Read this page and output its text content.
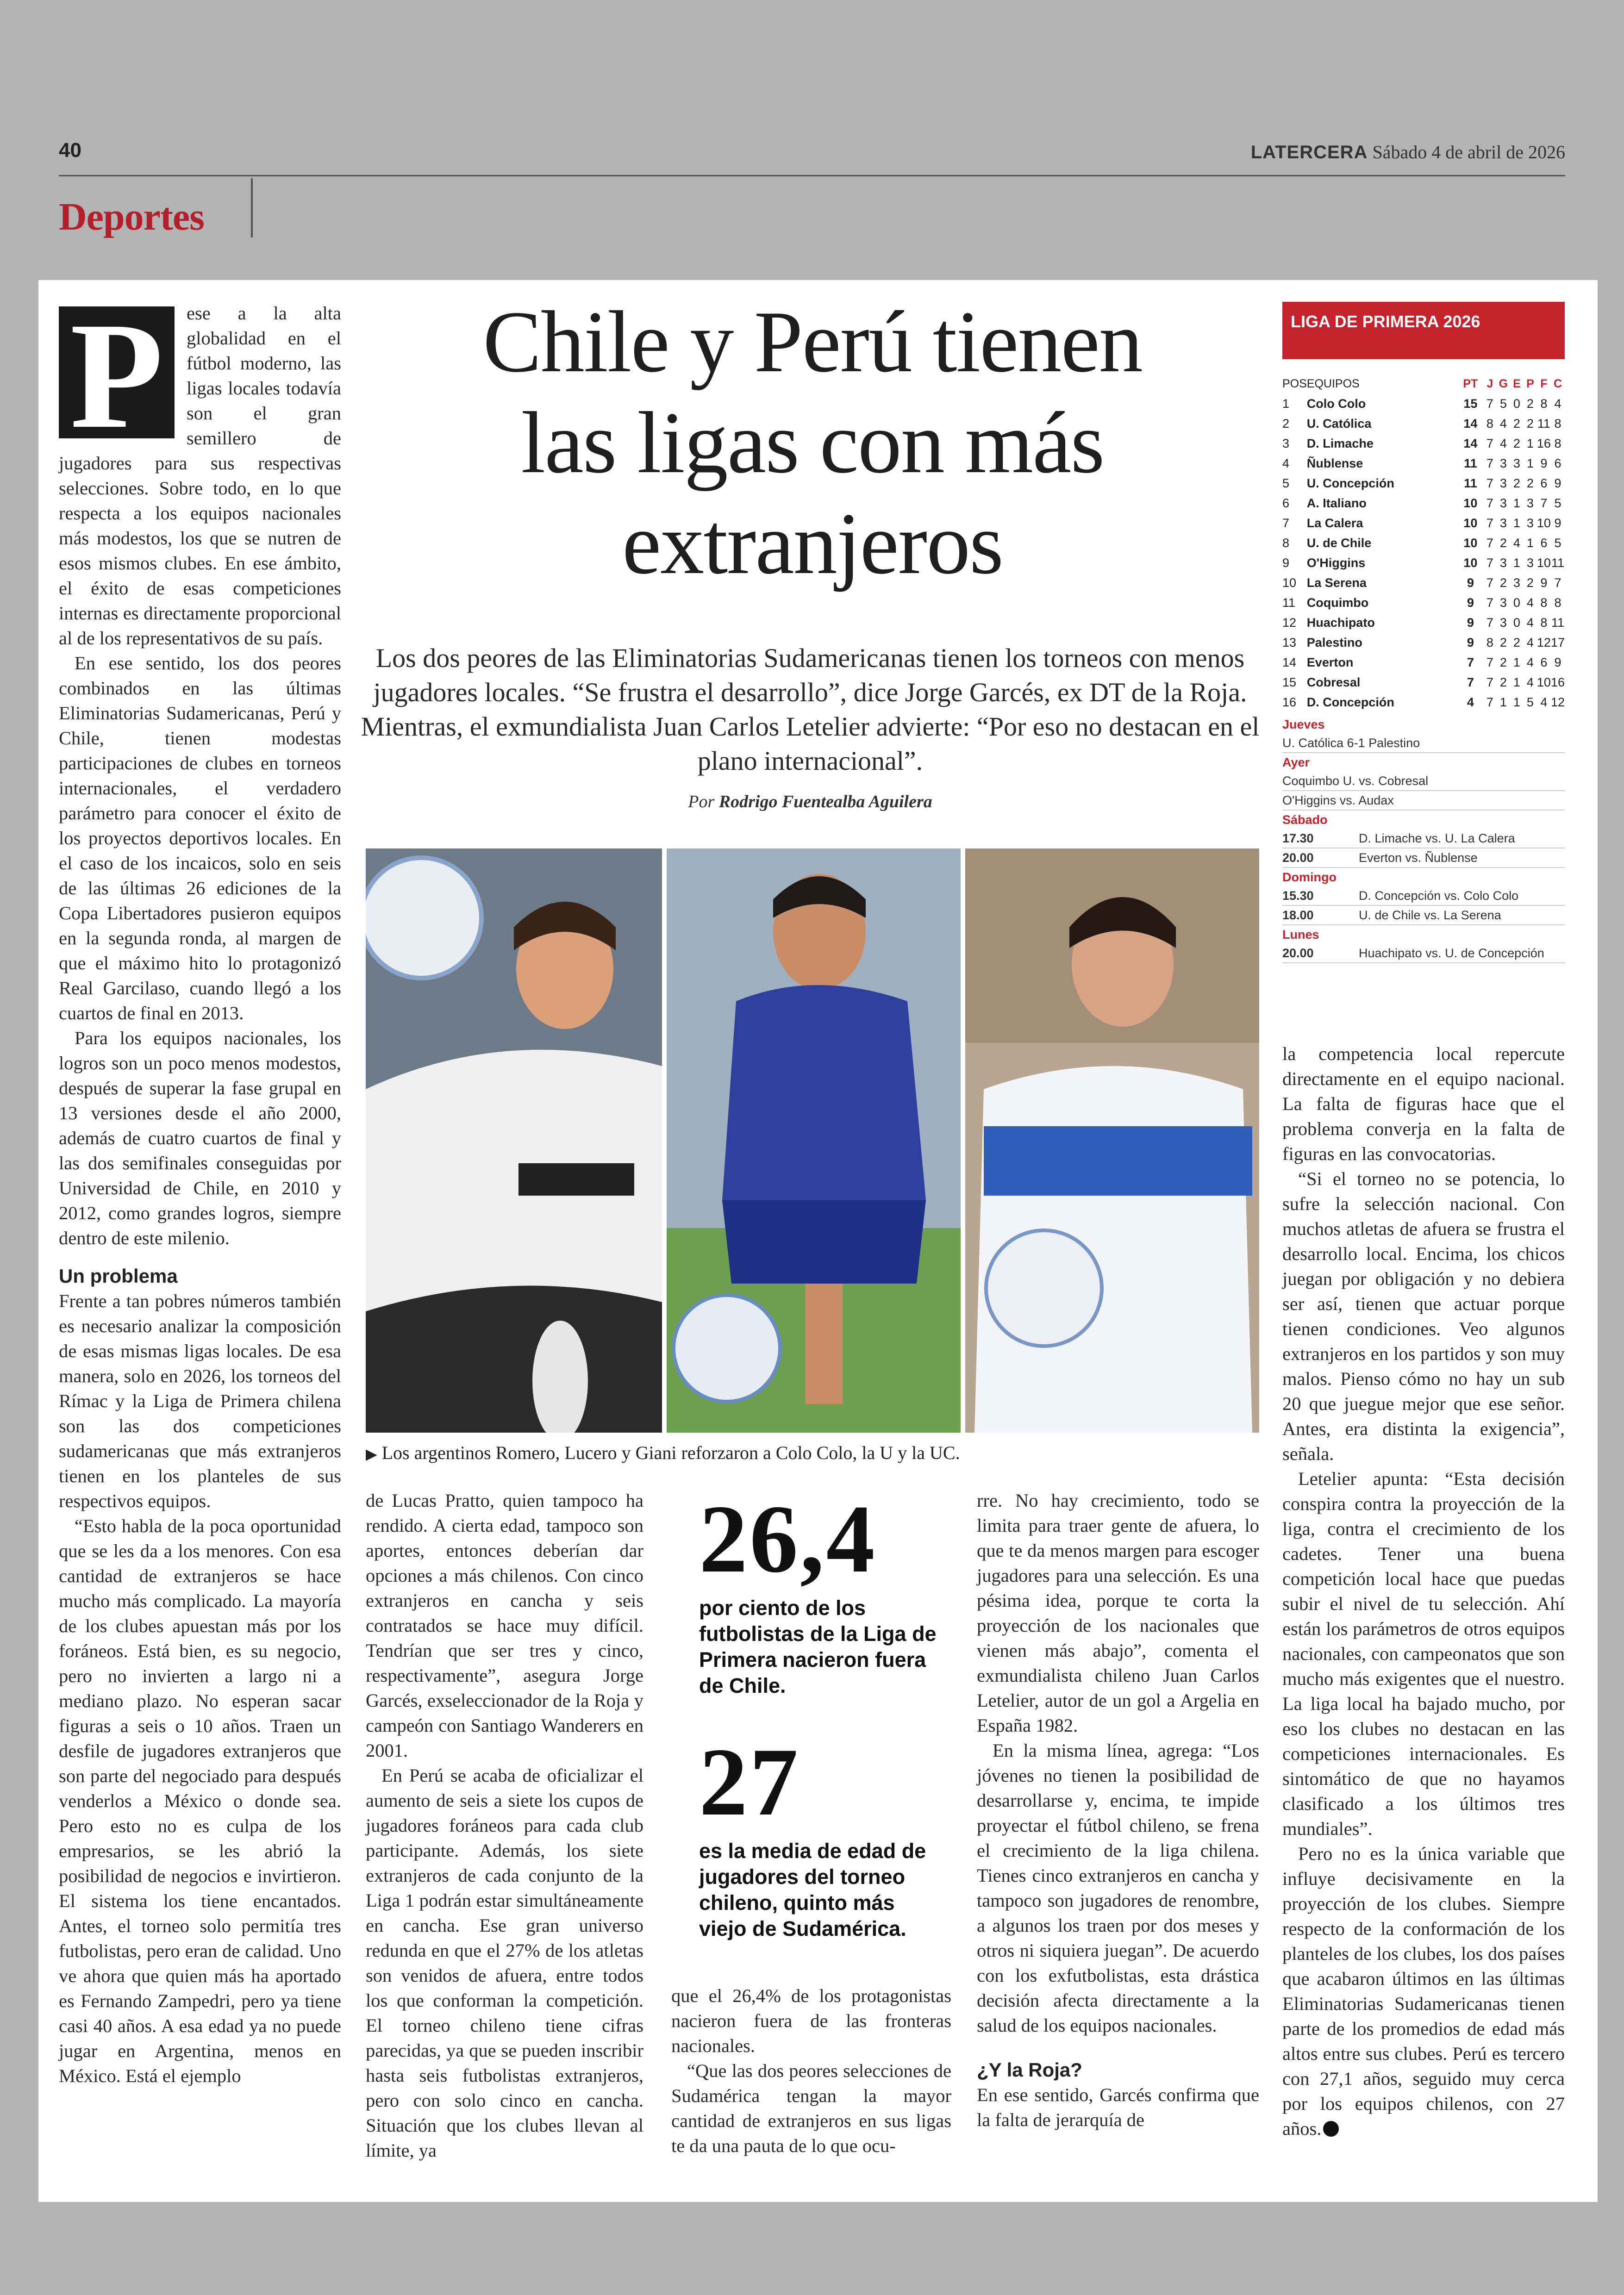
40	LATERCERA Sábado 4 de abril de 2026
Deportes
P	ese a la alta globalidad en el fútbol moderno, las ligas locales todavía son el gran semillero de jugadores para sus respectivas selecciones. Sobre todo, en lo que respecta a los equipos nacionales más modestos, los que se nutren de esos mismos clubes. En ese ámbito, el éxito de esas competiciones internas es directamente proporcional al de los representativos de su país.

En ese sentido, los dos peores combinados en las últimas Eliminatorias Sudamericanas, Perú y Chile, tienen modestas participaciones de clubes en torneos internacionales, el verdadero parámetro para conocer el éxito de los proyectos deportivos locales. En el caso de los incaicos, solo en seis de las últimas 26 ediciones de la Copa Libertadores pusieron equipos en la segunda ronda, al margen de que el máximo hito lo protagonizó Real Garcilaso, cuando llegó a los cuartos de final en 2013.

Para los equipos nacionales, los logros son un poco menos modestos, después de superar la fase grupal en 13 versiones desde el año 2000, además de cuatro cuartos de final y las dos semifinales conseguidas por Universidad de Chile, en 2010 y 2012, como grandes logros, siempre dentro de este milenio.

Un problema

Frente a tan pobres números también es necesario analizar la composición de esas mismas ligas locales. De esa manera, solo en 2026, los torneos del Rímac y la Liga de Primera chilena son las dos competiciones sudamericanas que más extranjeros tienen en los planteles de sus respectivos equipos.

“Esto habla de la poca oportunidad que se les da a los menores. Con esa cantidad de extranjeros se hace mucho más complicado. La mayoría de los clubes apuestan más por los foráneos. Está bien, es su negocio, pero no invierten a largo ni a mediano plazo. No esperan sacar figuras a seis o 10 años. Traen un desfile de jugadores extranjeros que son parte del negociado para después venderlos a México o donde sea. Pero esto no es culpa de los empresarios, se les abrió la posibilidad de negocios e invirtieron. El sistema los tiene encantados. Antes, el torneo solo permitía tres futbolistas, pero eran de calidad. Uno ve ahora que quien más ha aportado es Fernando Zampedri, pero ya tiene casi 40 años. A esa edad ya no puede jugar en Argentina, menos en México. Está el ejemplo

Chile y Perú tienen
las ligas con más
extranjeros
Los dos peores de las Eliminatorias Sudamericanas tienen los torneos con menos jugadores locales. “Se frustra el desarrollo”, dice Jorge Garcés, ex DT de la Roja. Mientras, el exmundialista Juan Carlos Letelier advierte: “Por eso no destacan en el plano internacional”.
Por Rodrigo Fuentealba Aguilera
▶ Los argentinos Romero, Lucero y Giani reforzaron a Colo Colo, la U y la UC.

de Lucas Pratto, quien tampoco ha rendido. A cierta edad, tampoco son aportes, entonces deberían dar opciones a más chilenos. Con cinco extranjeros en cancha y seis contratados se hace muy difícil. Tendrían que ser tres y cinco, respectivamente”, asegura Jorge Garcés, exseleccionador de la Roja y campeón con Santiago Wanderers en 2001.

En Perú se acaba de oficializar el aumento de seis a siete los cupos de jugadores foráneos para cada club participante. Además, los siete extranjeros de cada conjunto de la Liga 1 podrán estar simultáneamente en cancha. Ese gran universo redunda en que el 27% de los atletas son venidos de afuera, entre todos los que conforman la competición. El torneo chileno tiene cifras parecidas, ya que se pueden inscribir hasta seis futbolistas extranjeros, pero con solo cinco en cancha. Situación que los clubes llevan al límite, ya

26,4
por ciento de los futbolistas de la Liga de Primera nacieron fuera de Chile.
27
es la media de edad de jugadores del torneo chileno, quinto más viejo de Sudamérica.

que el 26,4% de los protagonistas nacieron fuera de las fronteras nacionales.

“Que las dos peores selecciones de Sudamérica tengan la mayor cantidad de extranjeros en sus ligas te da una pauta de lo que ocu-

rre. No hay crecimiento, todo se limita para traer gente de afuera, lo que te da menos margen para escoger jugadores para una selección. Es una pésima idea, porque te corta la proyección de los nacionales que vienen más abajo”, comenta el exmundialista chileno Juan Carlos Letelier, autor de un gol a Argelia en España 1982.

En la misma línea, agrega: “Los jóvenes no tienen la posibilidad de desarrollarse y, encima, te impide proyectar el fútbol chileno, se frena el crecimiento de la liga chilena. Tienes cinco extranjeros en cancha y tampoco son jugadores de renombre, a algunos los traen por dos meses y otros ni siquiera juegan”. De acuerdo con los exfutbolistas, esta drástica decisión afecta directamente a la salud de los equipos nacionales.

¿Y la Roja?

En ese sentido, Garcés confirma que la falta de jerarquía de

la competencia local repercute directamente en el equipo nacional. La falta de figuras hace que el problema converja en la falta de figuras en las convocatorias.

“Si el torneo no se potencia, lo sufre la selección nacional. Con muchos atletas de afuera se frustra el desarrollo local. Encima, los chicos juegan por obligación y no debiera ser así, tienen que actuar porque tienen condiciones. Veo algunos extranjeros en los partidos y son muy malos. Pienso cómo no hay un sub 20 que juegue mejor que ese señor. Antes, era distinta la exigencia”, señala.

Letelier apunta: “Esta decisión conspira contra la proyección de la liga, contra el crecimiento de los cadetes. Tener una buena competición local hace que puedas subir el nivel de tu selección. Ahí están los parámetros de otros equipos nacionales, con campeonatos que son mucho más exigentes que el nuestro. La liga local ha bajado mucho, por eso los clubes no destacan en las competiciones internacionales. Es sintomático de que no hayamos clasificado a los últimos tres mundiales”.

Pero no es la única variable que influye decisivamente en la proyección de los clubes. Siempre respecto de la conformación de los planteles de los clubes, los dos países que acabaron últimos en las últimas Eliminatorias Sudamericanas tienen parte de los promedios de edad más altos entre sus clubes. Perú es tercero con 27,1 años, seguido muy cerca por los equipos chilenos, con 27 años.

LIGA DE PRIMERA 2026
POS	EQUIPOS	PT	J	G	E	P	F	C
1	Colo Colo	15	7	5	0	2	8	4
2	U. Católica	14	8	4	2	2	11	8
3	D. Limache	14	7	4	2	1	16	8
4	Ñublense	11	7	3	3	1	9	6
5	U. Concepción	11	7	3	2	2	6	9
6	A. Italiano	10	7	3	1	3	7	5
7	La Calera	10	7	3	1	3	10	9
8	U. de Chile	10	7	2	4	1	6	5
9	O'Higgins	10	7	3	1	3	10	11
10	La Serena	9	7	2	3	2	9	7
11	Coquimbo	9	7	3	0	4	8	8
12	Huachipato	9	7	3	0	4	8	11
13	Palestino	9	8	2	2	4	12	17
14	Everton	7	7	2	1	4	6	9
15	Cobresal	7	7	2	1	4	10	16
16	D. Concepción	4	7	1	1	5	4	12
Jueves
U. Católica 6-1 Palestino
Ayer
Coquimbo U. vs. Cobresal
O'Higgins vs. Audax
Sábado
17.30	D. Limache vs. U. La Calera
20.00	Everton vs. Ñublense
Domingo
15.30	D. Concepción vs. Colo Colo
18.00	U. de Chile vs. La Serena
Lunes
20.00	Huachipato vs. U. de Concepción
